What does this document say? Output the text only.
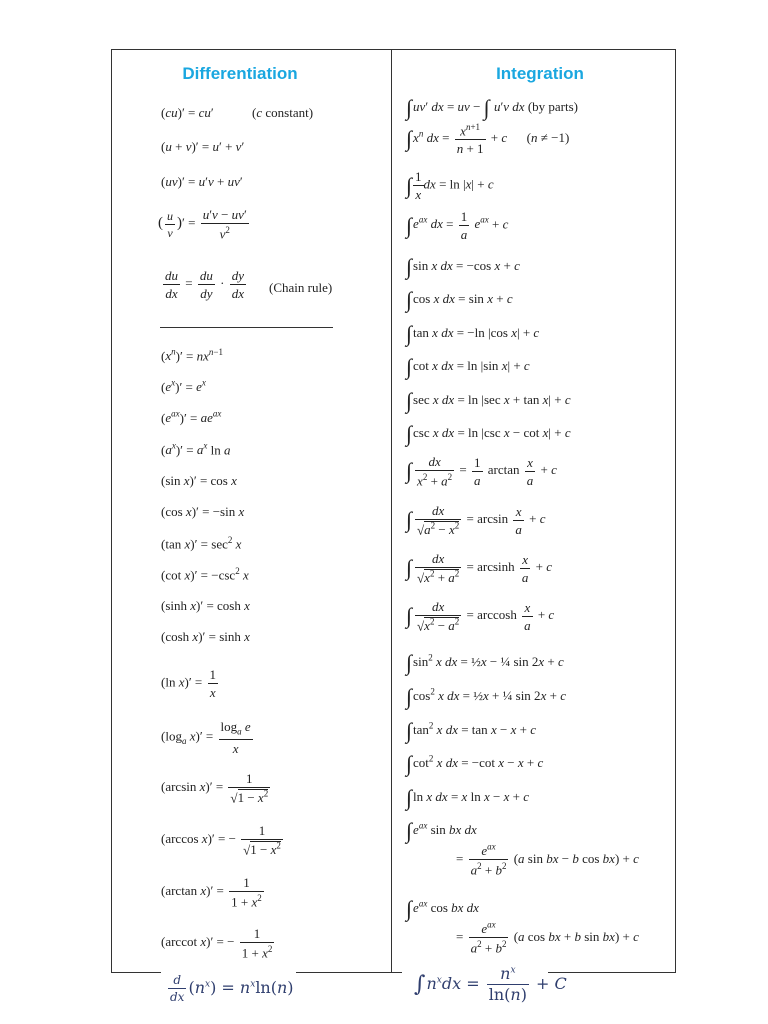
Differentiation	Integration
(cu)′ = cu′	(c constant)
(u + v)′ = u′ + v′
(uv)′ = u′v + uv′
( $\frac{u}{v}$ )′ = $\frac{u'v - uv'}{v^2}$
$\frac{du}{dx} = \frac{du}{dy} \cdot \frac{dy}{dx}$ (Chain rule)
$(x^n)' = nx^{n-1}$
$(e^x)' = e^x$
$(e^{ax})' = ae^{ax}$
$(a^x)' = a^x$ ln a
(sin x)′ = cos x
(cos x)′ = −sin x
(tan $x)' = \sec^2 x$
(cot $x)' = -\csc^2$ x
(sinh x)′ = cosh x
(cosh x)′ = sinh x
(ln $x)' = \frac{1}{x}$
($\log_a$ $x)' = \frac{\log_a e}{x}$
(arcsin $x)' = \frac{1}{√1 - x^2}$
(arccos x)′ = − $\frac{1}{√1 - x^2}$
(arctan $x)' = \frac{1}{1 + x^2}$
(arccot x)′ = − $\frac{1}{1 + x^2}$
∫uv′ dx = uv − ∫ u′v dx (by parts)
$\int x^n$ dx = $\frac{x^{n+1}}{n + 1} + c$      (n ≠ −1)
∫ $\frac{1}{x}$ dx = ln |x| + c
$\int e^{ax}$ dx = $\frac{1}{a} e^{ax} + c$
∫sin x dx = −cos x + c
∫cos x dx = sin x + c
∫tan x dx = −ln |cos x| + c
∫cot x dx = ln |sin x| + c
∫sec x dx = ln |sec x + tan x| + c
∫csc x dx = ln |csc x − cot x| + c
∫ $\frac{dx}{x^2 + a^2} = \frac{1}{a}$ $\arctan \frac{x}{a} + c$
∫ $\frac{dx}{√a^2 - x^2} = \arcsin \frac{x}{a} + c$
∫ $\frac{dx}{√x^2 + a^2} = \arcsin h \frac{x}{a} + c$
∫ $\frac{dx}{√x^2 - a^2} = \arccos h \frac{x}{a} + c$
$\int\sin^2$ x dx = ½x − ¼ sin 2x + c
$\int\cos^2$ x dx = ½x + ¼ sin 2x + c
$\int\tan^2$ x dx = tan x − x + c
$\int\cot^2$ x dx = −cot x − x + c
∫ln x dx = x ln x − x + c
$\int e^{ax}$ sin bx dx
= $\frac{e^{ax}}{a^2 + b^2} (a$ sin bx − b cos bx) + c
$\int e^{ax}$ cos bx dx
= $\frac{e^{ax}}{a^2 + b^2} (a$ cos bx + b sin bx) + c
$\frac{d}{dx} (n^x) = n^x\ln(n)$	$\int n^xdx = \frac{n^x}{\ln(n)} + C$
